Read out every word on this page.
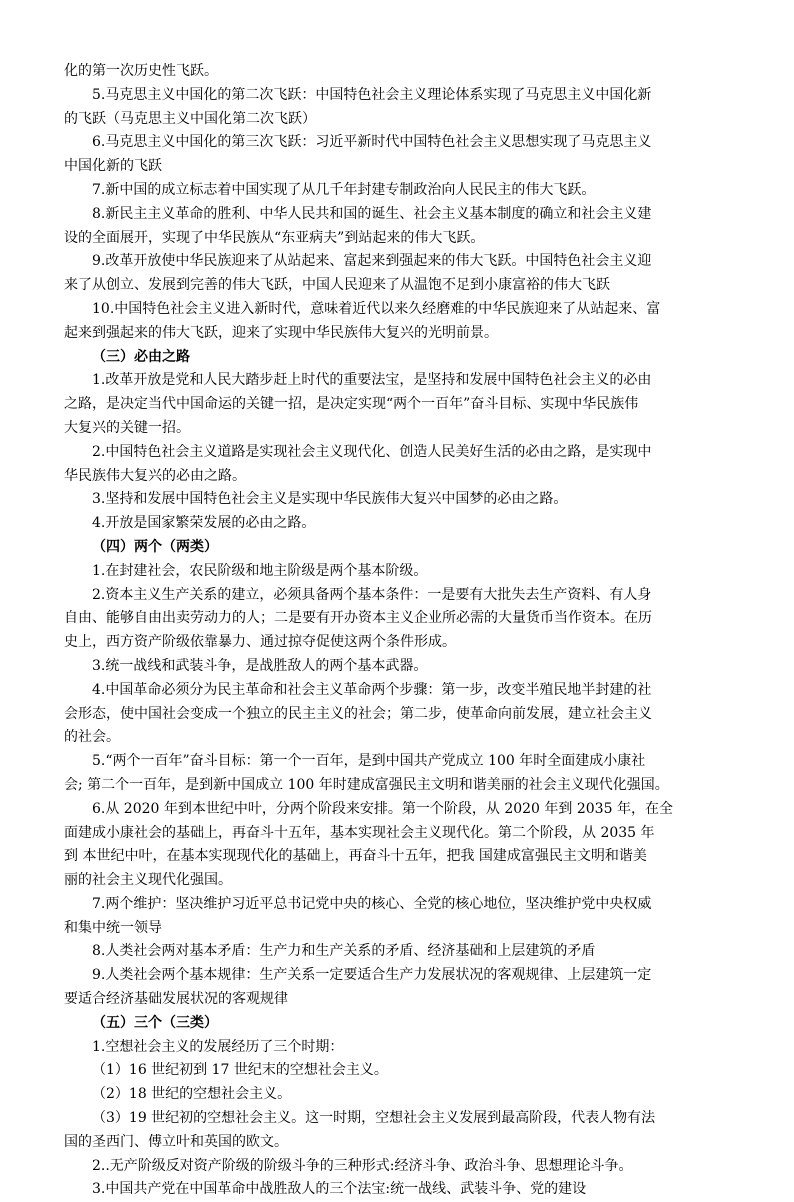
化的第一次历史性飞跃。
5.马克思主义中国化的第二次飞跃：中国特色社会主义理论体系实现了马克思主义中国化新
的飞跃（马克思主义中国化第二次飞跃）
6.马克思主义中国化的第三次飞跃：习近平新时代中国特色社会主义思想实现了马克思主义
中国化新的飞跃
7.新中国的成立标志着中国实现了从几千年封建专制政治向人民民主的伟大飞跃。
8.新民主主义革命的胜利、中华人民共和国的诞生、社会主义基本制度的确立和社会主义建
设的全面展开，实现了中华民族从“东亚病夫”到站起来的伟大飞跃。
9.改革开放使中华民族迎来了从站起来、富起来到强起来的伟大飞跃。中国特色社会主义迎
来了从创立、发展到完善的伟大飞跃，中国人民迎来了从温饱不足到小康富裕的伟大飞跃
10.中国特色社会主义进入新时代，意味着近代以来久经磨难的中华民族迎来了从站起来、富
起来到强起来的伟大飞跃，迎来了实现中华民族伟大复兴的光明前景。
（三）必由之路
1.改革开放是党和人民大踏步赶上时代的重要法宝，是坚持和发展中国特色社会主义的必由
之路，是决定当代中国命运的关键一招，是决定实现“两个一百年”奋斗目标、实现中华民族伟
大复兴的关键一招。
2.中国特色社会主义道路是实现社会主义现代化、创造人民美好生活的必由之路，是实现中
华民族伟大复兴的必由之路。
3.坚持和发展中国特色社会主义是实现中华民族伟大复兴中国梦的必由之路。
4.开放是国家繁荣发展的必由之路。
（四）两个（两类）
1.在封建社会，农民阶级和地主阶级是两个基本阶级。
2.资本主义生产关系的建立，必须具备两个基本条件：一是要有大批失去生产资料、有人身
自由、能够自由出卖劳动力的人；二是要有开办资本主义企业所必需的大量货币当作资本。在历
史上，西方资产阶级依靠暴力、通过掠夺促使这两个条件形成。
3.统一战线和武装斗争，是战胜敌人的两个基本武器。
4.中国革命必须分为民主革命和社会主义革命两个步骤：第一步，改变半殖民地半封建的社
会形态，使中国社会变成一个独立的民主主义的社会；第二步，使革命向前发展，建立社会主义
的社会。
5.“两个一百年”奋斗目标：第一个一百年，是到中国共产党成立 100 年时全面建成小康社
会; 第二个一百年，是到新中国成立 100 年时建成富强民主文明和谐美丽的社会主义现代化强国。
6.从 2020 年到本世纪中叶，分两个阶段来安排。第一个阶段，从 2020 年到 2035 年，在全
面建成小康社会的基础上，再奋斗十五年，基本实现社会主义现代化。第二个阶段，从 2035 年
到 本世纪中叶，在基本实现现代化的基础上，再奋斗十五年，把我 国建成富强民主文明和谐美
丽的社会主义现代化强国。
7.两个维护：坚决维护习近平总书记党中央的核心、全党的核心地位，坚决维护党中央权威
和集中统一领导
8.人类社会两对基本矛盾：生产力和生产关系的矛盾、经济基础和上层建筑的矛盾
9.人类社会两个基本规律：生产关系一定要适合生产力发展状况的客观规律、上层建筑一定
要适合经济基础发展状况的客观规律
（五）三个（三类）
1.空想社会主义的发展经历了三个时期：
（1）16 世纪初到 17 世纪末的空想社会主义。
（2）18 世纪的空想社会主义。
（3）19 世纪初的空想社会主义。这一时期，空想社会主义发展到最高阶段，代表人物有法
国的圣西门、傅立叶和英国的欧文。
2..无产阶级反对资产阶级的阶级斗争的三种形式:经济斗争、政治斗争、思想理论斗争。
3.中国共产党在中国革命中战胜敌人的三个法宝:统一战线、武装斗争、党的建设
